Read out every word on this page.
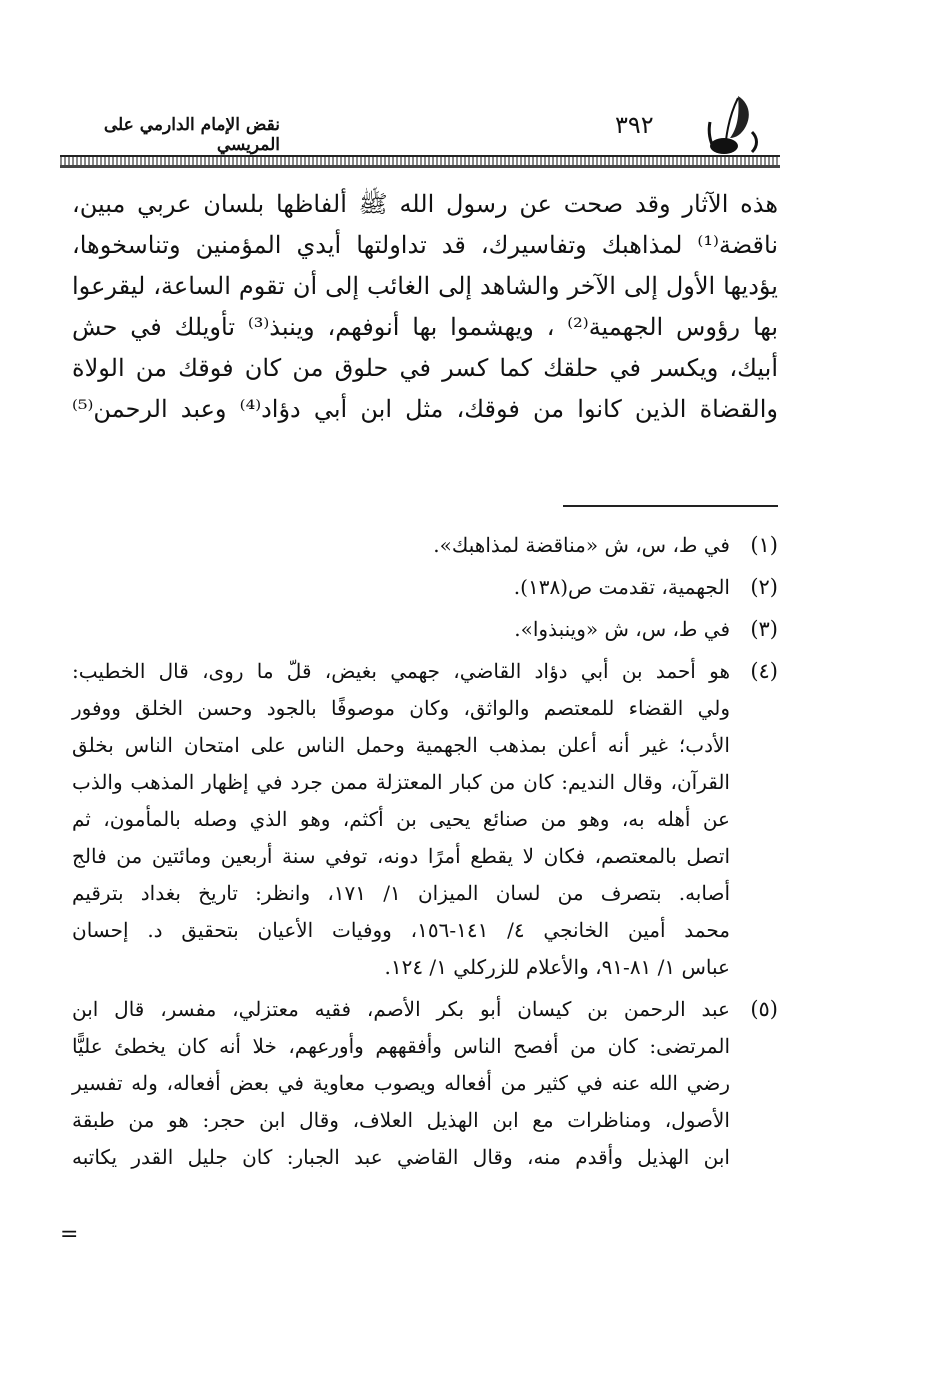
نقض الإمام الدارمي على المريسي
٣٩٢

هذه الآثار وقد صحت عن رسول الله ﷺ ألفاظها بلسان عربي مبين،

ناقضة⁽¹⁾ لمذاهبك وتفاسيرك، قد تداولتها أيدي المؤمنين وتناسخوها،

يؤديها الأول إلى الآخر والشاهد إلى الغائب إلى أن تقوم الساعة، ليقرعوا

بها رؤوس الجهمية⁽²⁾ ، ويهشموا بها أنوفهم، وينبذ⁽³⁾ تأويلك في حش

أبيك، ويكسر في حلقك كما كسر في حلوق من كان فوقك من الولاة

والقضاة الذين كانوا من فوقك، مثل ابن أبي دؤاد⁽⁴⁾ وعبد الرحمن⁽⁵⁾

(١)
في ط، س، ش «مناقضة لمذاهبك».
(٢)
الجهمية، تقدمت ص(١٣٨).
(٣)
في ط، س، ش «وينبذوا».
(٤)
هو أحمد بن أبي دؤاد القاضي، جهمي بغيض، قلّ ما روى، قال الخطيب:
ولي القضاء للمعتصم والواثق، وكان موصوفًا بالجود وحسن الخلق ووفور
الأدب؛ غير أنه أعلن بمذهب الجهمية وحمل الناس على امتحان الناس بخلق
القرآن، وقال النديم: كان من كبار المعتزلة ممن جرد في إظهار المذهب والذب
عن أهله به، وهو من صنائع يحيى بن أكثم، وهو الذي وصله بالمأمون، ثم
اتصل بالمعتصم، فكان لا يقطع أمرًا دونه، توفي سنة أربعين ومائتين من فالج
أصابه. بتصرف من لسان الميزان ١/ ١٧١، وانظر: تاريخ بغداد بترقيم
محمد أمين الخانجي ٤/ ١٤١-١٥٦، ووفيات الأعيان بتحقيق د. إحسان
عباس ١/ ٨١-٩١، والأعلام للزركلي ١/ ١٢٤.
(٥)
عبد الرحمن بن كيسان أبو بكر الأصم، فقيه معتزلي، مفسر، قال ابن
المرتضى: كان من أفصح الناس وأفقههم وأورعهم، خلا أنه كان يخطئ عليًّا
رضي الله عنه في كثير من أفعاله ويصوب معاوية في بعض أفعاله، وله تفسير
الأصول، ومناظرات مع ابن الهذيل العلاف، وقال ابن حجر: هو من طبقة
ابن الهذيل وأقدم منه، وقال القاضي عبد الجبار: كان جليل القدر يكاتبه
=
